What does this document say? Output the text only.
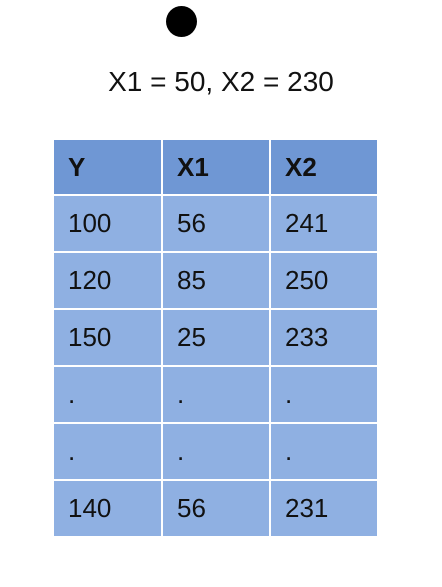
X1 = 50, X2 = 230
Y	X1	X2
100	56	241
120	85	250
150	25	233
.	.	.
.	.	.
140	56	231
